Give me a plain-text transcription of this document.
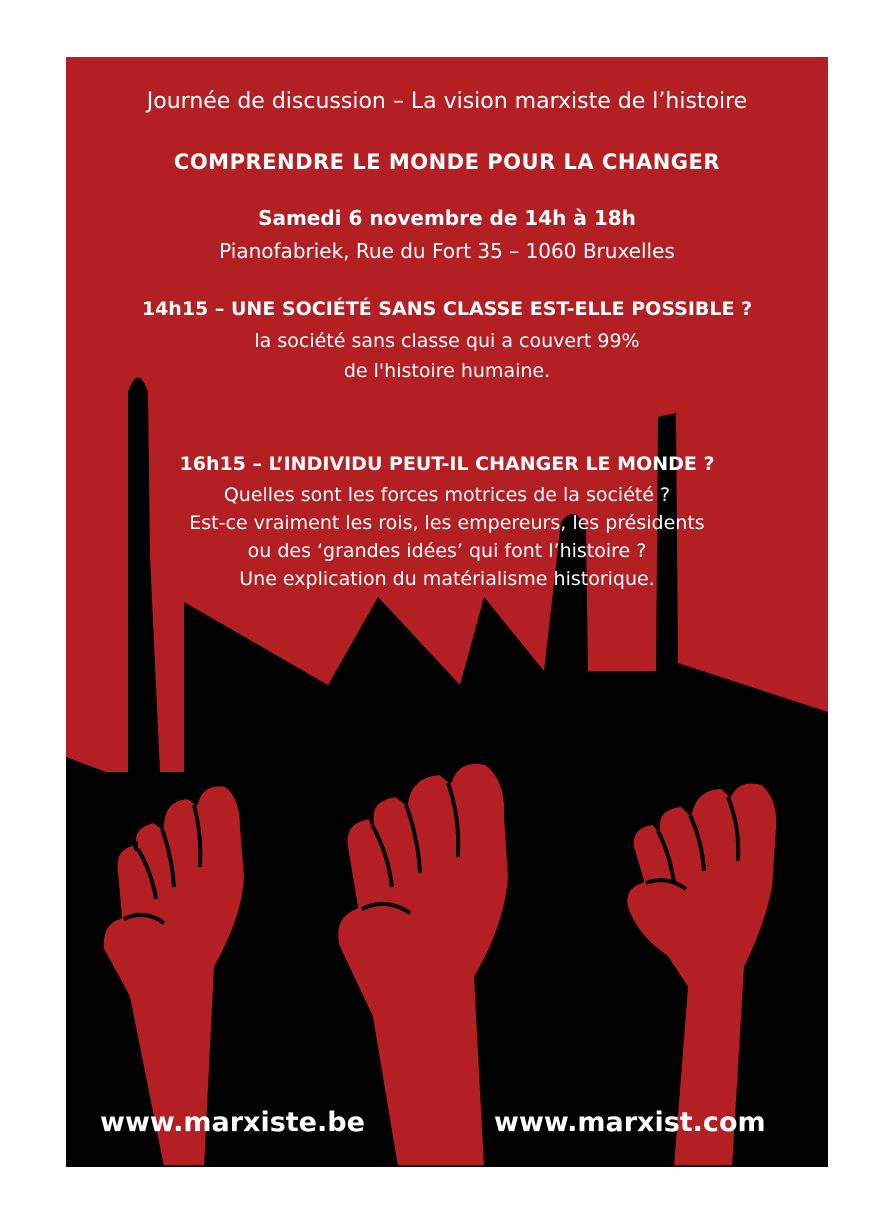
Journée de discussion – La vision marxiste de l’histoire
COMPRENDRE LE MONDE POUR LA CHANGER
Samedi 6 novembre de 14h à 18h
Pianofabriek, Rue du Fort 35 – 1060 Bruxelles
14h15 – UNE SOCIÉTÉ SANS CLASSE EST-ELLE POSSIBLE ?
la société sans classe qui a couvert 99%
de l'histoire humaine.
16h15 – L’INDIVIDU PEUT-IL CHANGER LE MONDE ?
Quelles sont les forces motrices de la société ?
Est-ce vraiment les rois, les empereurs, les présidents
ou des ‘grandes idées’ qui font l’histoire ?
Une explication du matérialisme historique.
www.marxiste.be	www.marxist.com
